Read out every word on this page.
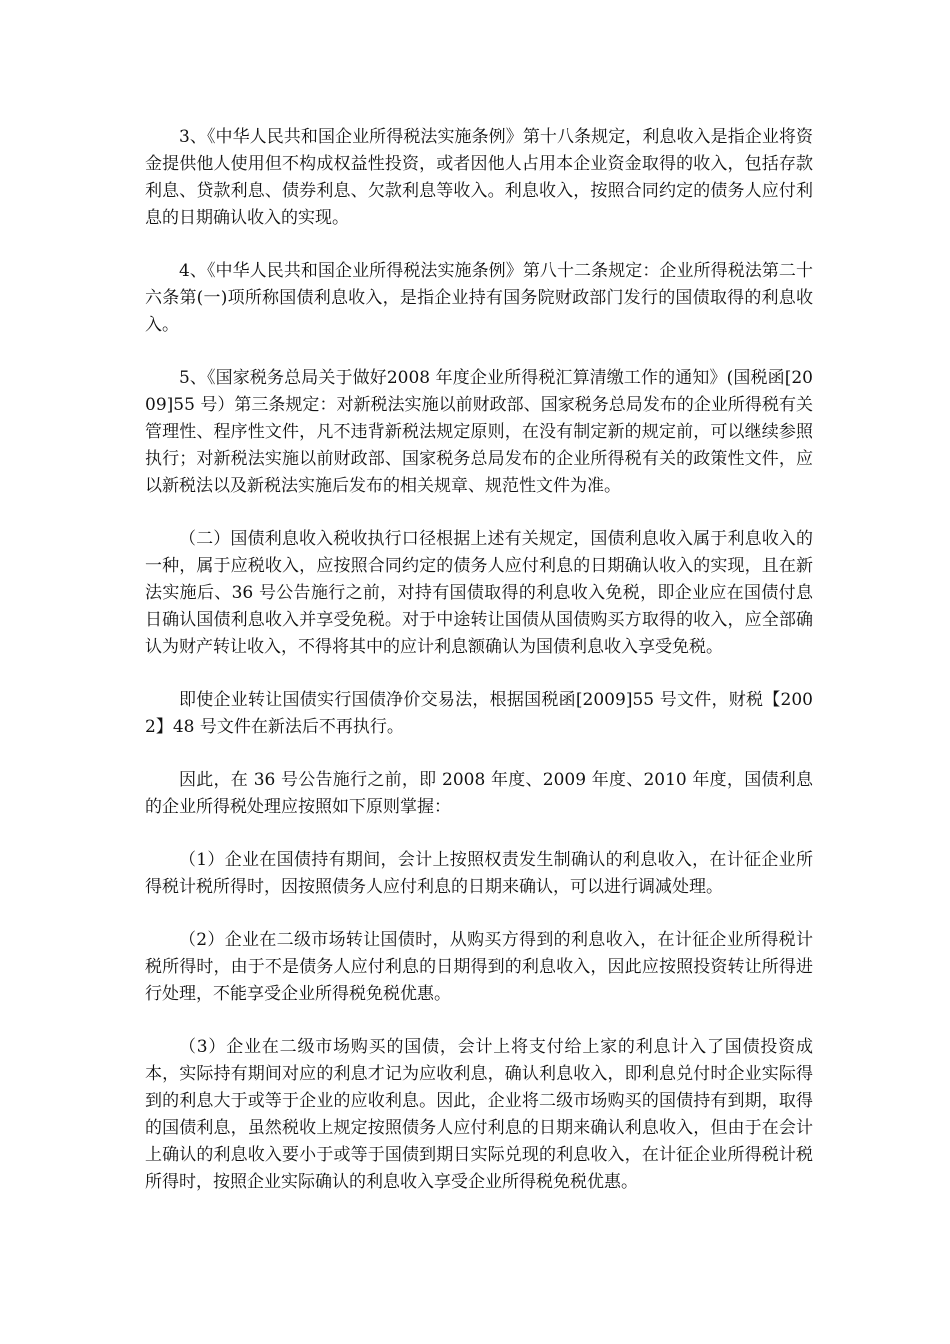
3、《中华人民共和国企业所得税法实施条例》第十八条规定，利息收入是指企业将资金提供他人使用但不构成权益性投资，或者因他人占用本企业资金取得的收入，包括存款利息、贷款利息、债券利息、欠款利息等收入。利息收入，按照合同约定的债务人应付利息的日期确认收入的实现。

4、《中华人民共和国企业所得税法实施条例》第八十二条规定：企业所得税法第二十六条第(一)项所称国债利息收入，是指企业持有国务院财政部门发行的国债取得的利息收入。

5、《国家税务总局关于做好2008 年度企业所得税汇算清缴工作的通知》(国税函[2009]55 号）第三条规定：对新税法实施以前财政部、国家税务总局发布的企业所得税有关管理性、程序性文件，凡不违背新税法规定原则，在没有制定新的规定前，可以继续参照执行；对新税法实施以前财政部、国家税务总局发布的企业所得税有关的政策性文件，应以新税法以及新税法实施后发布的相关规章、规范性文件为准。

（二）国债利息收入税收执行口径根据上述有关规定，国债利息收入属于利息收入的一种，属于应税收入，应按照合同约定的债务人应付利息的日期确认收入的实现，且在新法实施后、36 号公告施行之前，对持有国债取得的利息收入免税，即企业应在国债付息日确认国债利息收入并享受免税。对于中途转让国债从国债购买方取得的收入，应全部确认为财产转让收入，不得将其中的应计利息额确认为国债利息收入享受免税。

即使企业转让国债实行国债净价交易法，根据国税函[2009]55 号文件，财税【2002】48 号文件在新法后不再执行。

因此，在 36 号公告施行之前，即 2008 年度、2009 年度、2010 年度，国债利息的企业所得税处理应按照如下原则掌握：

（1）企业在国债持有期间，会计上按照权责发生制确认的利息收入，在计征企业所得税计税所得时，因按照债务人应付利息的日期来确认，可以进行调减处理。

（2）企业在二级市场转让国债时，从购买方得到的利息收入，在计征企业所得税计税所得时，由于不是债务人应付利息的日期得到的利息收入，因此应按照投资转让所得进行处理，不能享受企业所得税免税优惠。

（3）企业在二级市场购买的国债，会计上将支付给上家的利息计入了国债投资成本，实际持有期间对应的利息才记为应收利息，确认利息收入，即利息兑付时企业实际得到的利息大于或等于企业的应收利息。因此，企业将二级市场购买的国债持有到期，取得的国债利息，虽然税收上规定按照债务人应付利息的日期来确认利息收入，但由于在会计上确认的利息收入要小于或等于国债到期日实际兑现的利息收入，在计征企业所得税计税所得时，按照企业实际确认的利息收入享受企业所得税免税优惠。
